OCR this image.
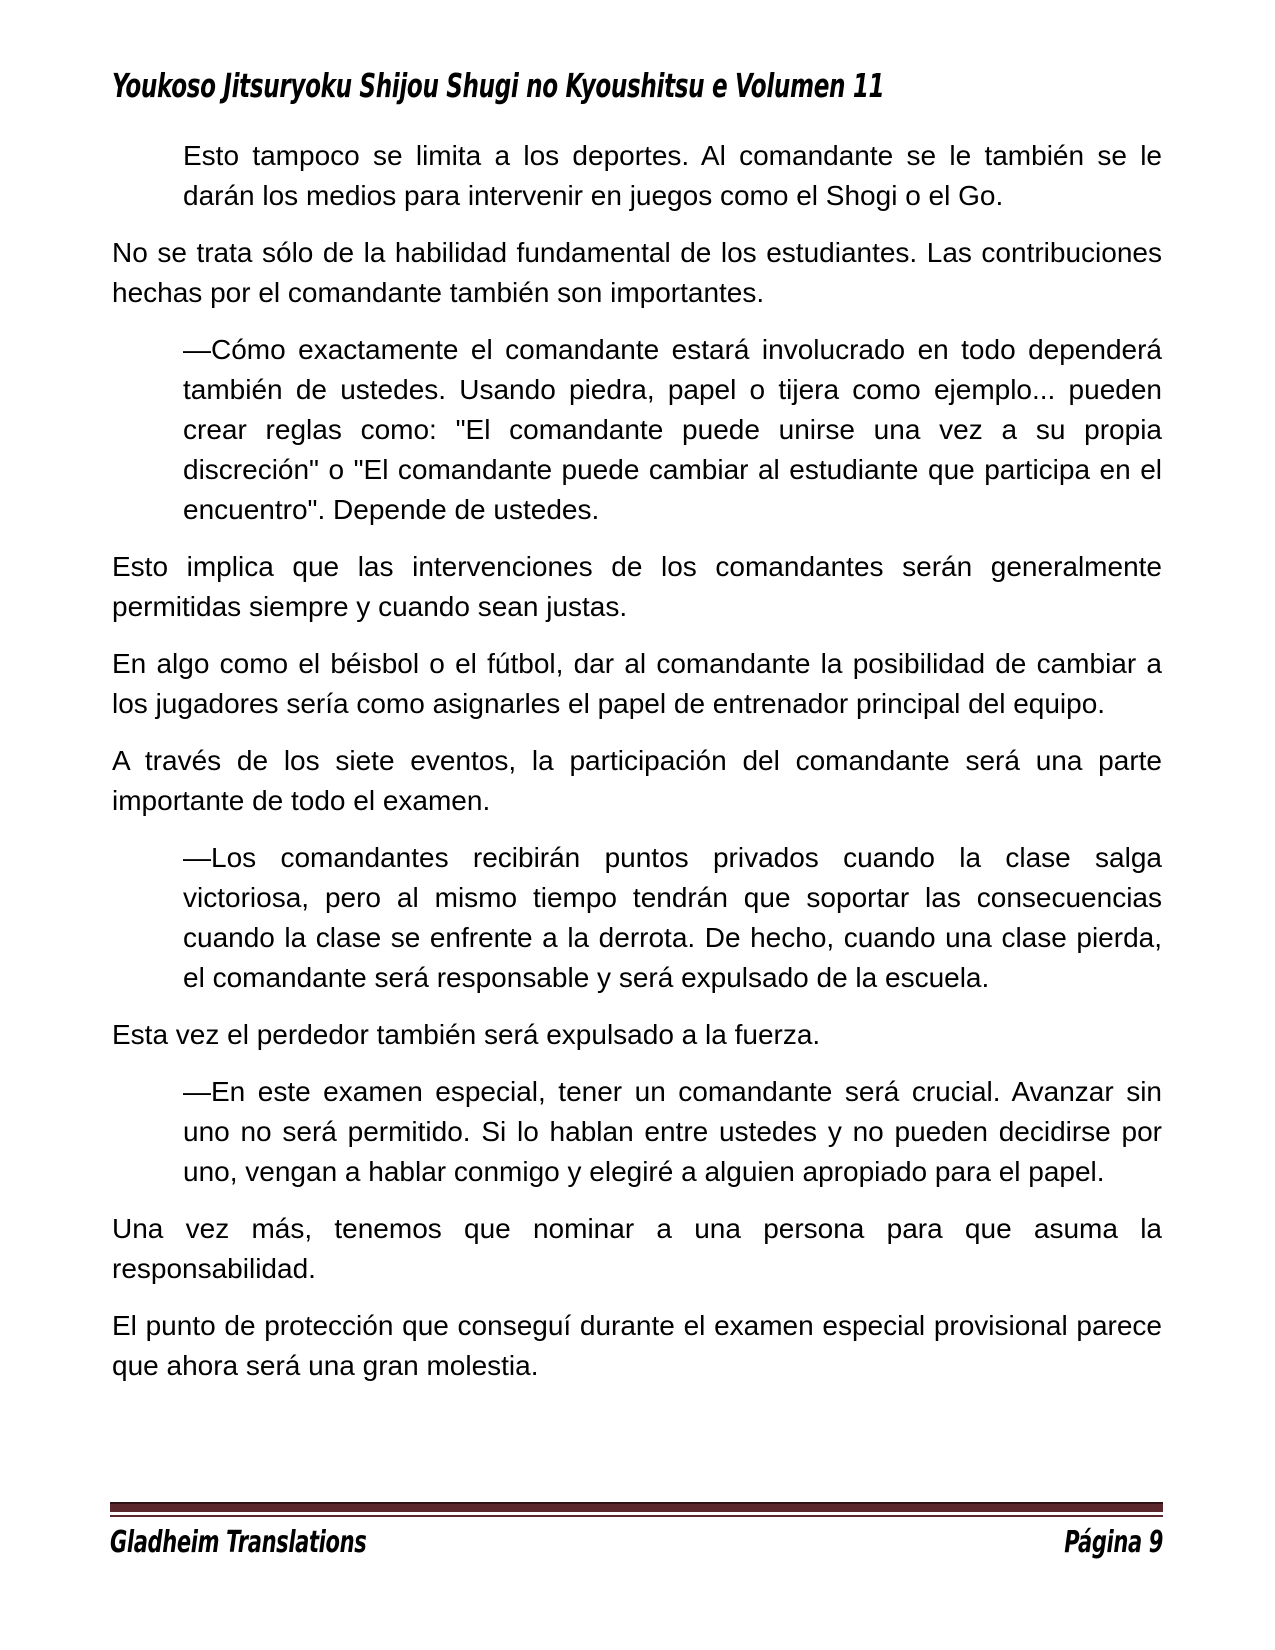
Youkoso Jitsuryoku Shijou Shugi no Kyoushitsu e Volumen 11

Esto tampoco se limita a los deportes. Al comandante se le también se le darán los medios para intervenir en juegos como el Shogi o el Go.

No se trata sólo de la habilidad fundamental de los estudiantes. Las contribuciones hechas por el comandante también son importantes.

—Cómo exactamente el comandante estará involucrado en todo dependerá también de ustedes. Usando piedra, papel o tijera como ejemplo... pueden crear reglas como: "El comandante puede unirse una vez a su propia discreción" o "El comandante puede cambiar al estudiante que participa en el encuentro". Depende de ustedes.

Esto implica que las intervenciones de los comandantes serán generalmente permitidas siempre y cuando sean justas.

En algo como el béisbol o el fútbol, dar al comandante la posibilidad de cambiar a los jugadores sería como asignarles el papel de entrenador principal del equipo.

A través de los siete eventos, la participación del comandante será una parte importante de todo el examen.

—Los comandantes recibirán puntos privados cuando la clase salga victoriosa, pero al mismo tiempo tendrán que soportar las consecuencias cuando la clase se enfrente a la derrota. De hecho, cuando una clase pierda, el comandante será responsable y será expulsado de la escuela.

Esta vez el perdedor también será expulsado a la fuerza.

—En este examen especial, tener un comandante será crucial. Avanzar sin uno no será permitido. Si lo hablan entre ustedes y no pueden decidirse por uno, vengan a hablar conmigo y elegiré a alguien apropiado para el papel.

Una vez más, tenemos que nominar a una persona para que asuma la responsabilidad.

El punto de protección que conseguí durante el examen especial provisional parece que ahora será una gran molestia.

Gladheim Translations	Página 9
